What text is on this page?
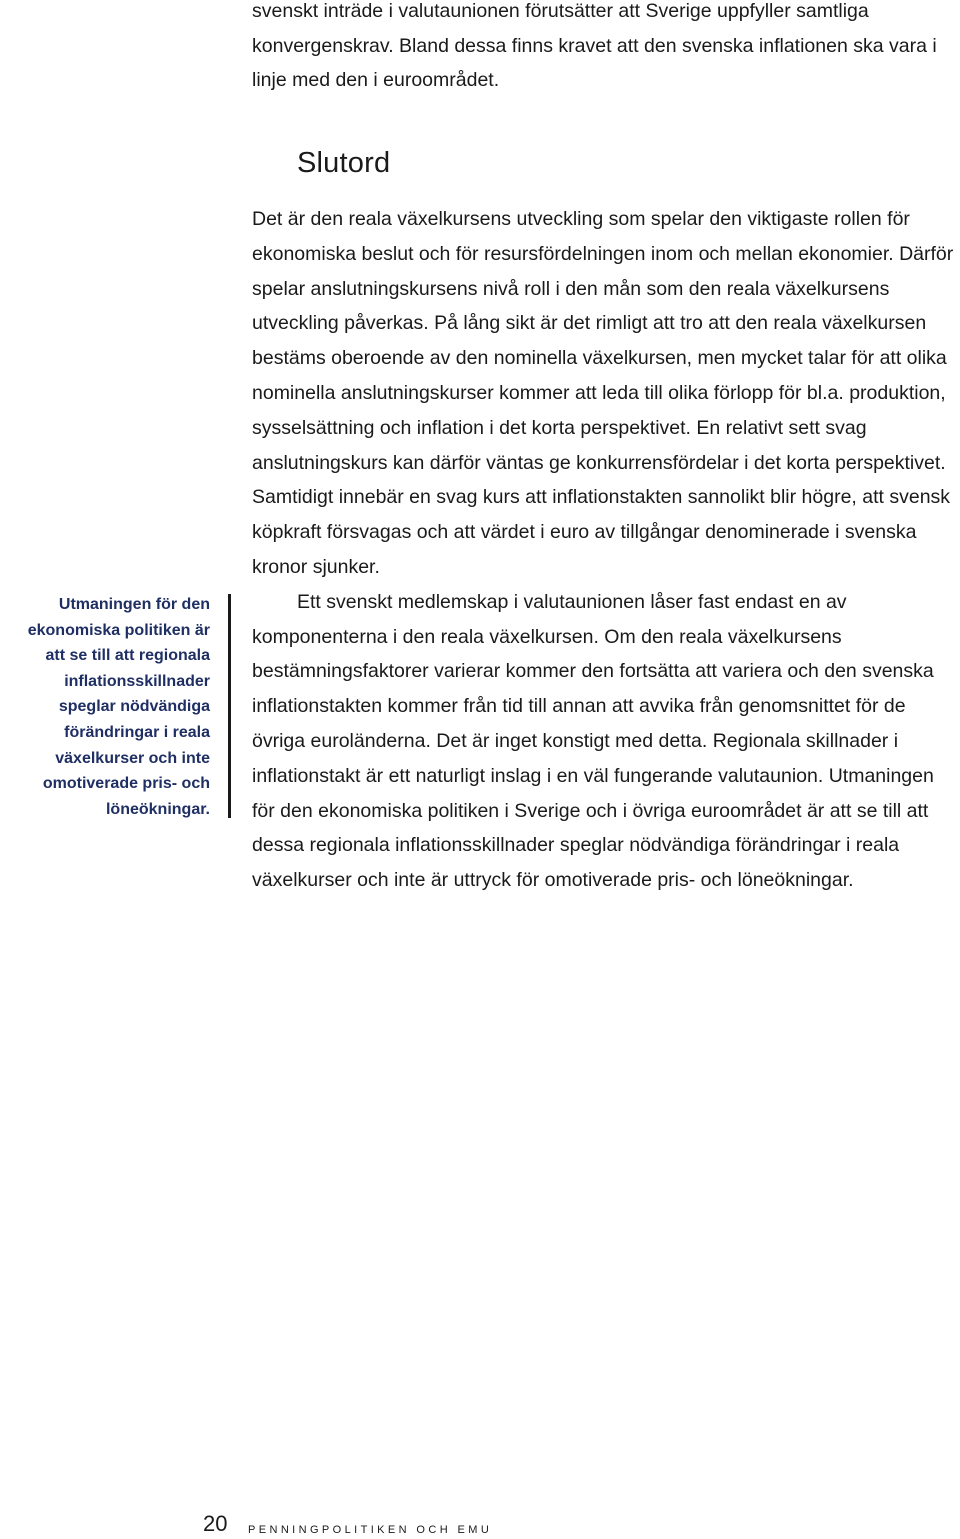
svenskt inträde i valutaunionen förutsätter att Sverige uppfyller samtliga konvergenskrav. Bland dessa finns kravet att den svenska inflationen ska vara i linje med den i euroområdet.
Slutord

Det är den reala växelkursens utveckling som spelar den viktigaste rollen för ekonomiska beslut och för resursfördelningen inom och mellan ekonomier. Därför spelar anslutningskursens nivå roll i den mån som den reala växelkursens utveckling påverkas. På lång sikt är det rimligt att tro att den reala växelkursen bestäms oberoende av den nominella växelkursen, men mycket talar för att olika nominella anslutningskurser kommer att leda till olika förlopp för bl.a. produktion, sysselsättning och inflation i det korta perspektivet. En relativt sett svag anslutningskurs kan därför väntas ge konkurrensfördelar i det korta perspektivet. Samtidigt innebär en svag kurs att inflationstakten sannolikt blir högre, att svensk köpkraft försvagas och att värdet i euro av tillgångar denominerade i svenska kronor sjunker.

Ett svenskt medlemskap i valutaunionen låser fast endast en av komponenterna i den reala växelkursen. Om den reala växelkursens bestämningsfaktorer varierar kommer den fortsätta att variera och den svenska inflationstakten kommer från tid till annan att avvika från genomsnittet för de övriga euroländerna. Det är inget konstigt med detta. Regionala skillnader i inflationstakt är ett naturligt inslag i en väl fungerande valutaunion. Utmaningen för den ekonomiska politiken i Sverige och i övriga euroområdet är att se till att dessa regionala inflationsskillnader speglar nödvändiga förändringar i reala växelkurser och inte är uttryck för omotiverade pris- och löneökningar.

Utmaningen för den ekonomiska politiken är att se till att regionala inflationsskillnader speglar nödvändiga förändringar i reala växelkurser och inte omotiverade pris- och löneökningar.
20 PENNINGPOLITIKEN OCH EMU
